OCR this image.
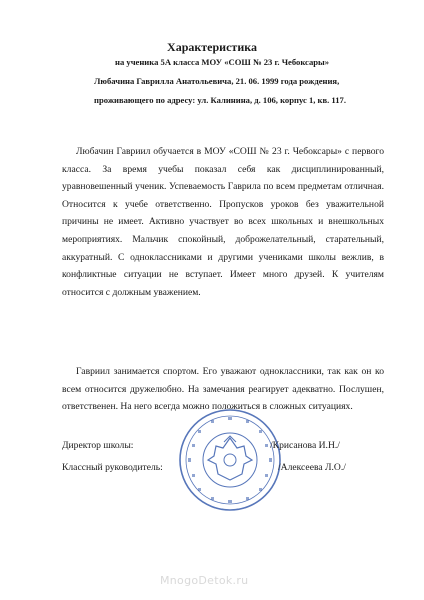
Характеристика
на ученика 5А класса МОУ «СОШ № 23 г. Чебоксары»
Любачина Гаврилла Анатольевича, 21. 06. 1999 года рождения,
проживающего по адресу: ул. Калинина, д. 106, корпус 1, кв. 117.

Любачин Гавриил обучается в МОУ «СОШ № 23 г. Чебоксары» с первого класса. За время учебы показал себя как дисциплинированный, уравновешенный ученик. Успеваемость Гаврила по всем предметам отличная. Относится к учебе ответственно. Пропусков уроков без уважительной причины не имеет. Активно участвует во всех школьных и внешкольных мероприятиях. Мальчик спокойный, доброжелательный, старательный, аккуратный. С одноклассниками и другими учениками школы вежлив, в конфликтные ситуации не вступает. Имеет много друзей. К учителям относится с должным уважением.

Гавриил занимается спортом. Его уважают одноклассники, так как он ко всем относится дружелюбно. На замечания реагирует адекватно. Послушен, ответственен. На него всегда можно положиться в сложных ситуациях.

Директор школы:	/Крисанова И.Н./
Классный руководитель:	/Алексеева Л.О./
MnogoDetok.ru
